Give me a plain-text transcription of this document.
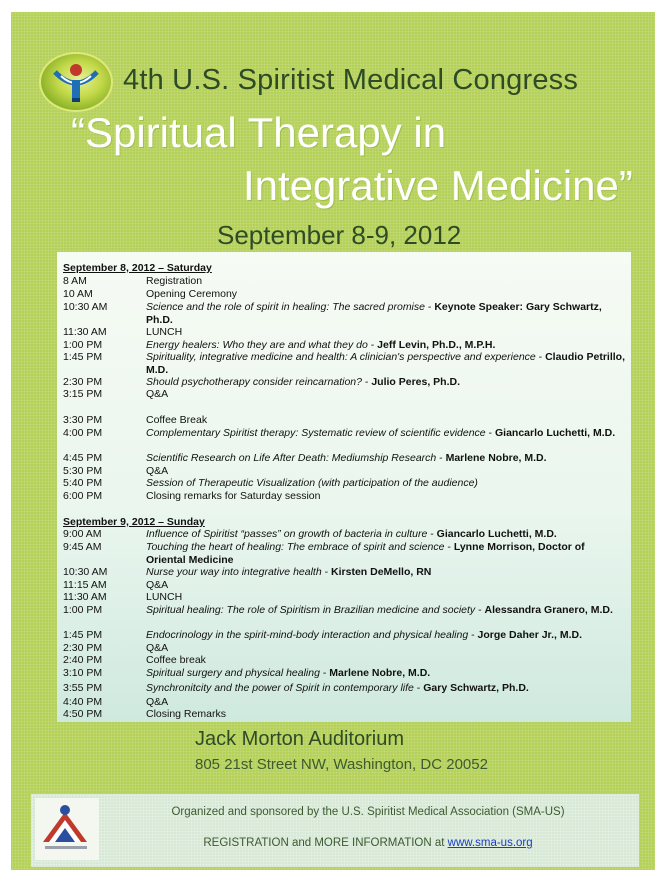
4th U.S. Spiritist Medical Congress
“Spiritual Therapy in
Integrative Medicine”
September 8-9, 2012
September 8, 2012 – Saturday
8 AM	Registration
10 AM	Opening Ceremony
10:30 AM	Science and the role of spirit in healing: The sacred promise - Keynote Speaker: Gary Schwartz, Ph.D.
11:30 AM	LUNCH
1:00 PM	Energy healers: Who they are and what they do - Jeff Levin, Ph.D., M.P.H.
1:45 PM	Spirituality, integrative medicine and health: A clinician's perspective and experience - Claudio Petrillo, M.D.
2:30 PM	Should psychotherapy consider reincarnation? - Julio Peres, Ph.D.
3:15 PM	Q&A
3:30 PM	Coffee Break
4:00 PM	Complementary Spiritist therapy: Systematic review of scientific evidence - Giancarlo Luchetti, M.D.
4:45 PM	Scientific Research on Life After Death: Mediumship Research - Marlene Nobre, M.D.
5:30 PM	Q&A
5:40 PM	Session of Therapeutic Visualization (with participation of the audience)
6:00 PM	Closing remarks for Saturday session
September 9, 2012 – Sunday
9:00 AM	Influence of Spiritist “passes” on growth of bacteria in culture - Giancarlo Luchetti, M.D.
9:45 AM	Touching the heart of healing: The embrace of spirit and science - Lynne Morrison, Doctor of Oriental Medicine
10:30 AM	Nurse your way into integrative health - Kirsten DeMello, RN
11:15 AM	Q&A
11:30 AM	LUNCH
1:00 PM	Spiritual healing: The role of Spiritism in Brazilian medicine and society - Alessandra Granero, M.D.
1:45 PM	Endocrinology in the spirit-mind-body interaction and physical healing - Jorge Daher Jr., M.D.
2:30 PM	Q&A
2:40 PM	Coffee break
3:10 PM	Spiritual surgery and physical healing - Marlene Nobre, M.D.
3:55 PM	Synchronitcity and the power of Spirit in contemporary life - Gary Schwartz, Ph.D.
4:40 PM	Q&A
4:50 PM	Closing Remarks
Jack Morton Auditorium
805 21st Street NW, Washington, DC 20052
Organized and sponsored by the U.S. Spiritist Medical Association (SMA-US)
REGISTRATION and MORE INFORMATION at www.sma-us.org
